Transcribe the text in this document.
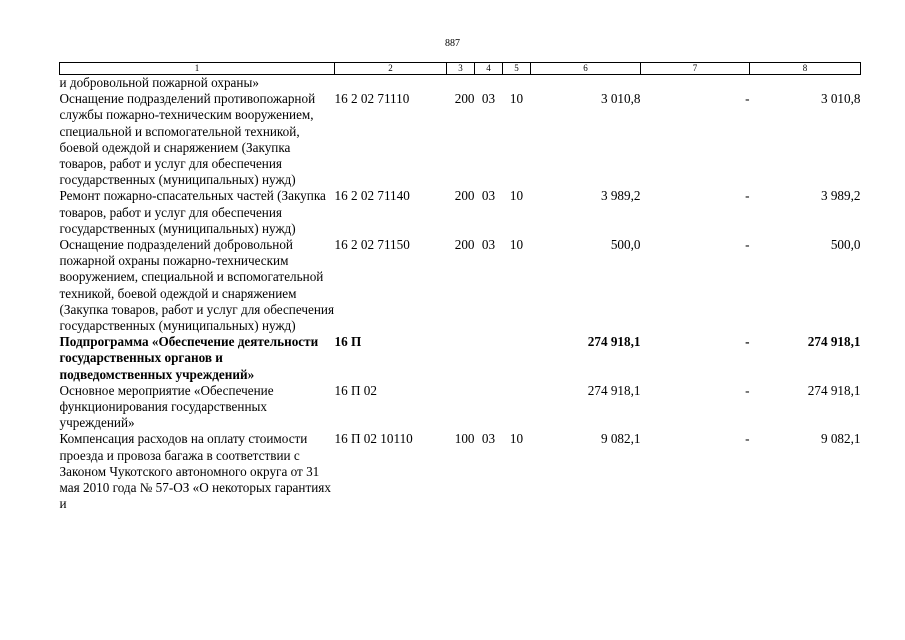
887
1	2	3	4	5	6	7	8
и добровольной пожарной охраны»							
Оснащение подразделений противопожарной службы пожарно-техническим вооружением, специальной и вспомогательной техникой, боевой одеждой и снаряжением (Закупка товаров, работ и услуг для обеспечения государственных (муниципальных) нужд)	16 2 02 71110	200	03	10	3 010,8	-	3 010,8
Ремонт пожарно-спасательных частей (Закупка товаров, работ и услуг для обеспечения государственных (муниципальных) нужд)	16 2 02 71140	200	03	10	3 989,2	-	3 989,2
Оснащение подразделений добровольной пожарной охраны пожарно-техническим вооружением, специальной и вспомогательной техникой, боевой одеждой и снаряжением (Закупка товаров, работ и услуг для обеспечения государственных (муниципальных) нужд)	16 2 02 71150	200	03	10	500,0	-	500,0
Подпрограмма «Обеспечение деятельности государственных органов и подведомственных учреждений»	16 П				274 918,1	-	274 918,1
Основное мероприятие «Обеспечение функционирования государственных учреждений»	16 П 02				274 918,1	-	274 918,1
Компенсация расходов на оплату стоимости проезда и провоза багажа в соответствии с Законом Чукотского автономного округа от 31 мая 2010 года № 57-ОЗ «О некоторых гарантиях и	16 П 02 10110	100	03	10	9 082,1	-	9 082,1
